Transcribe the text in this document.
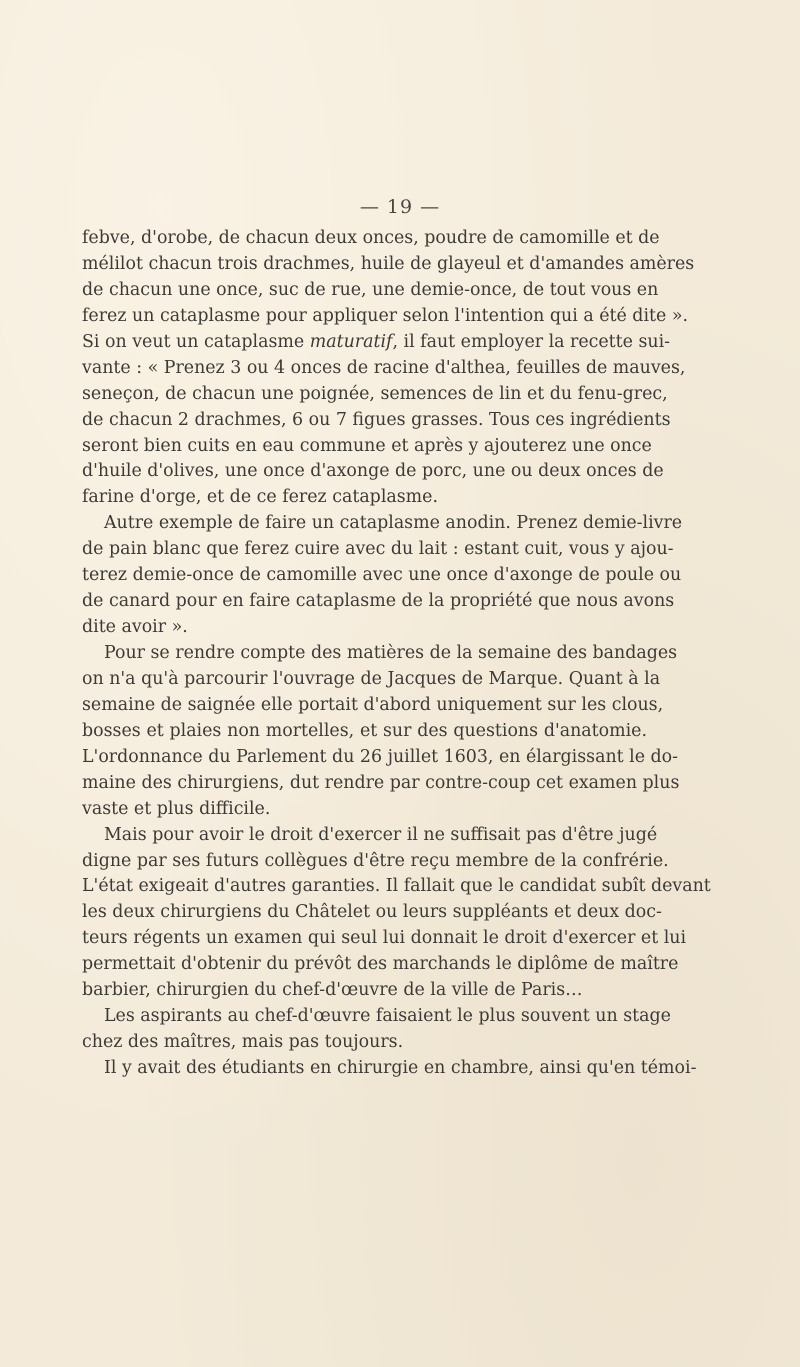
— 19 —
febve, d'orobe, de chacun deux onces, poudre de camomille et de
mélilot chacun trois drachmes, huile de glayeul et d'amandes amères
de chacun une once, suc de rue, une demie-once, de tout vous en
ferez un cataplasme pour appliquer selon l'intention qui a été dite ».
Si on veut un cataplasme maturatif, il faut employer la recette sui-
vante : « Prenez 3 ou 4 onces de racine d'althea, feuilles de mauves,
seneçon, de chacun une poignée, semences de lin et du fenu-grec,
de chacun 2 drachmes, 6 ou 7 figues grasses. Tous ces ingrédients
seront bien cuits en eau commune et après y ajouterez une once
d'huile d'olives, une once d'axonge de porc, une ou deux onces de
farine d'orge, et de ce ferez cataplasme.
Autre exemple de faire un cataplasme anodin. Prenez demie-livre
de pain blanc que ferez cuire avec du lait : estant cuit, vous y ajou-
terez demie-once de camomille avec une once d'axonge de poule ou
de canard pour en faire cataplasme de la propriété que nous avons
dite avoir ».
Pour se rendre compte des matières de la semaine des bandages
on n'a qu'à parcourir l'ouvrage de Jacques de Marque. Quant à la
semaine de saignée elle portait d'abord uniquement sur les clous,
bosses et plaies non mortelles, et sur des questions d'anatomie.
L'ordonnance du Parlement du 26 juillet 1603, en élargissant le do-
maine des chirurgiens, dut rendre par contre-coup cet examen plus
vaste et plus difficile.
Mais pour avoir le droit d'exercer il ne suffisait pas d'être jugé
digne par ses futurs collègues d'être reçu membre de la confrérie.
L'état exigeait d'autres garanties. Il fallait que le candidat subît devant
les deux chirurgiens du Châtelet ou leurs suppléants et deux doc-
teurs régents un examen qui seul lui donnait le droit d'exercer et lui
permettait d'obtenir du prévôt des marchands le diplôme de maître
barbier, chirurgien du chef-d'œuvre de la ville de Paris…
Les aspirants au chef-d'œuvre faisaient le plus souvent un stage
chez des maîtres, mais pas toujours.
Il y avait des étudiants en chirurgie en chambre, ainsi qu'en témoi-
